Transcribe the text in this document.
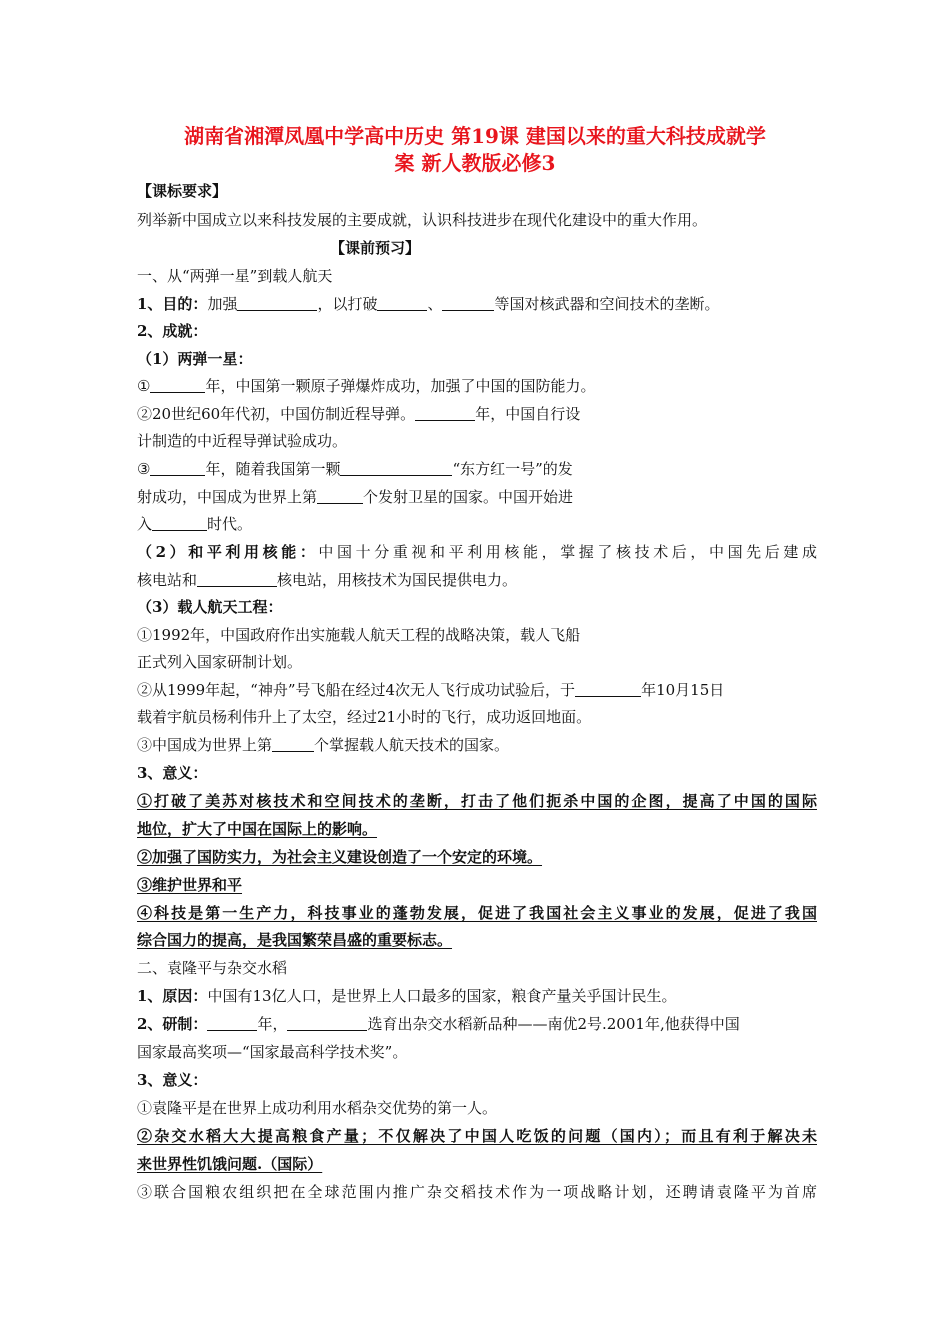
湖南省湘潭凤凰中学高中历史 第19课 建国以来的重大科技成就学
案 新人教版必修3
【课标要求】
列举新中国成立以来科技发展的主要成就，认识科技进步在现代化建设中的重大作用。
【课前预习】
一、从“两弹一星”到载人航天
1、目的：加强	，以打破	、	等国对核武器和空间技术的垄断。
2、成就：
（1）两弹一星：
①	年，中国第一颗原子弹爆炸成功，加强了中国的国防能力。
②20世纪60年代初，中国仿制近程导弹。	年，中国自行设
计制造的中近程导弹试验成功。
③	年，随着我国第一颗	“东方红一号”的发
射成功，中国成为世界上第	个发射卫星的国家。中国开始进
入	时代。
（2）和平利用核能：中国十分重视和平利用核能，掌握了核技术后，中国先后建成
核电站和	核电站，用核技术为国民提供电力。
（3）载人航天工程：
①1992年，中国政府作出实施载人航天工程的战略决策，载人飞船
正式列入国家研制计划。
②从1999年起，“神舟”号飞船在经过4次无人飞行成功试验后，于	年10月15日
载着宇航员杨利伟升上了太空，经过21小时的飞行，成功返回地面。
③中国成为世界上第	个掌握载人航天技术的国家。
3、意义：
①打破了美苏对核技术和空间技术的垄断，打击了他们扼杀中国的企图，提高了中国的国际
地位，扩大了中国在国际上的影响。
②加强了国防实力，为社会主义建设创造了一个安定的环境。
③维护世界和平
④科技是第一生产力，科技事业的蓬勃发展，促进了我国社会主义事业的发展，促进了我国
综合国力的提高，是我国繁荣昌盛的重要标志。
二、袁隆平与杂交水稻
1、原因：中国有13亿人口，是世界上人口最多的国家，粮食产量关乎国计民生。
2、研制：	年，	选育出杂交水稻新品种——南优2号.2001年,他获得中国
国家最高奖项—“国家最高科学技术奖”。
3、意义：
①袁隆平是在世界上成功利用水稻杂交优势的第一人。
②杂交水稻大大提高粮食产量；不仅解决了中国人吃饭的问题（国内）；而且有利于解决未
来世界性饥饿问题.（国际）
③联合国粮农组织把在全球范围内推广杂交稻技术作为一项战略计划，还聘请袁隆平为首席
